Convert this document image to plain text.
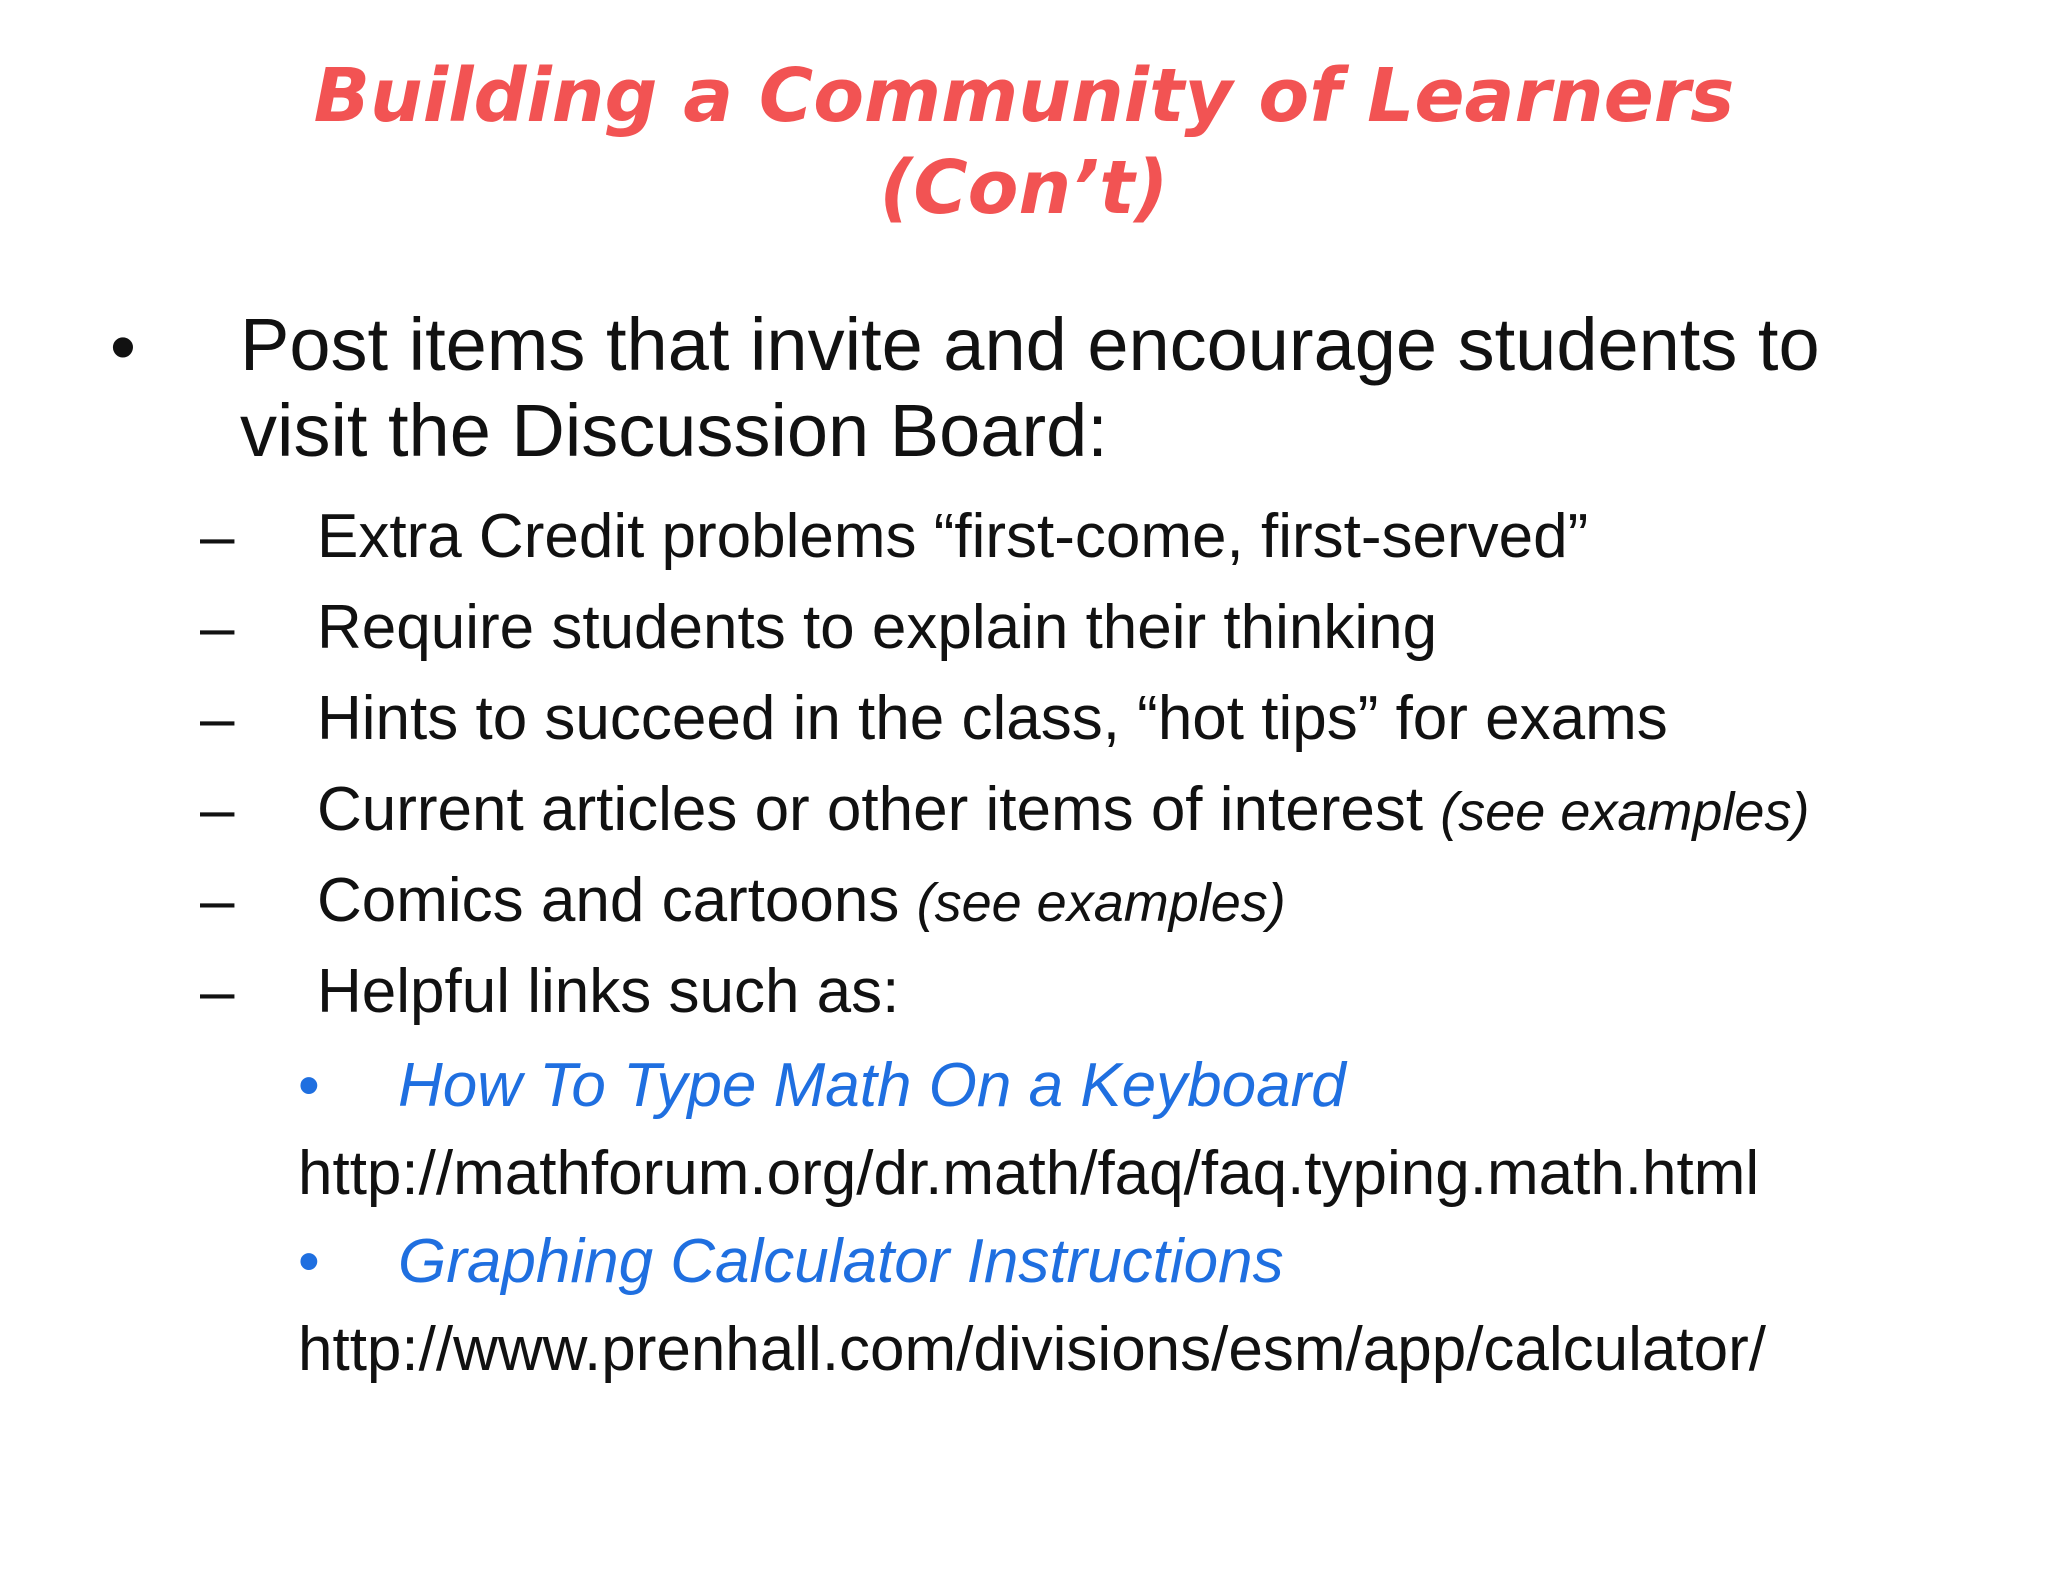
Building a Community of Learners
(Con’t)
• Post items that invite and encourage students to
visit the Discussion Board:
– Extra Credit problems “first-come, first-served”
– Require students to explain their thinking
– Hints to succeed in the class, “hot tips” for exams
– Current articles or other items of interest (see examples)
– Comics and cartoons (see examples)
– Helpful links such as:
• How To Type Math On a Keyboard
http://mathforum.org/dr.math/faq/faq.typing.math.html
• Graphing Calculator Instructions
http://www.prenhall.com/divisions/esm/app/calculator/
